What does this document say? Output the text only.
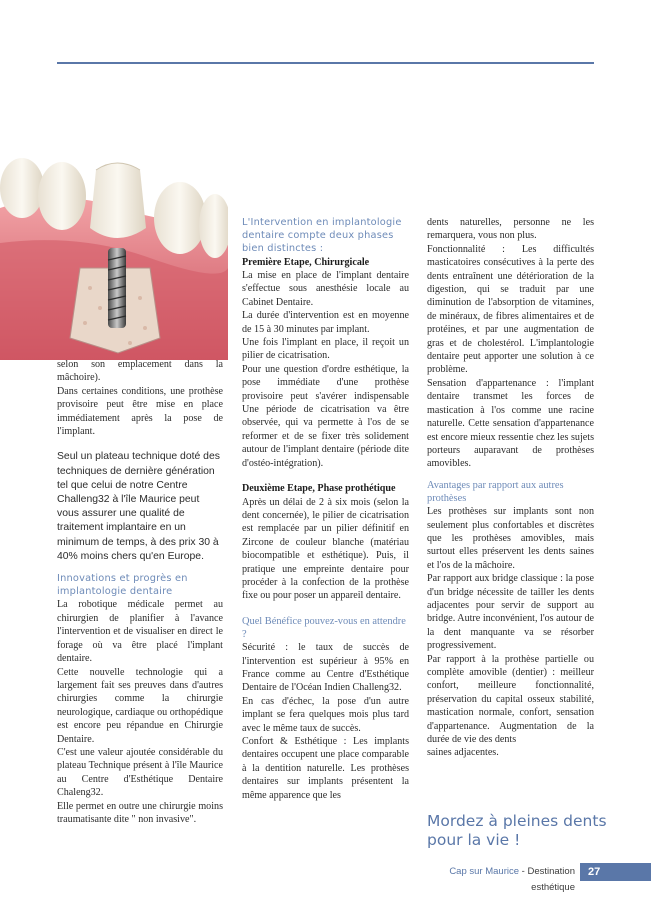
selon son emplacement dans la mâchoire).

Dans certaines conditions, une prothèse provisoire peut être mise en place immédiatement après la pose de l'implant.

Seul un plateau technique doté des techniques de dernière génération tel que celui de notre Centre Challeng32 à l'île Maurice peut vous assurer une qualité de traitement implantaire en un minimum de temps, à des prix 30 à 40% moins chers qu'en Europe.

Innovations et progrès en implantologie dentaire

La robotique médicale permet au chirurgien de planifier à l'avance l'intervention et de visualiser en direct le forage où va être placé l'implant dentaire.

Cette nouvelle technologie qui a largement fait ses preuves dans d'autres chirurgies comme la chirurgie neurologique, cardiaque ou orthopédique est encore peu répandue en Chirurgie Dentaire.

C'est une valeur ajoutée considérable du plateau Technique présent à l'île Maurice au Centre d'Esthétique Dentaire Chaleng32.

Elle permet en outre une chirurgie moins traumatisante dite " non invasive".

L'Intervention en implantologie dentaire compte deux phases bien distinctes :

Première Etape, Chirurgicale

La mise en place de l'implant dentaire s'effectue sous anesthésie locale au Cabinet Dentaire.

La durée d'intervention est en moyenne de 15 à 30 minutes par implant.

Une fois l'implant en place, il reçoit un pilier de cicatrisation.

Pour une question d'ordre esthétique, la pose immédiate d'une prothèse provisoire peut s'avérer indispensable Une période de cicatrisation va être observée, qui va permette à l'os de se reformer et de se fixer très solidement autour de l'implant dentaire (période dite d'ostéo-intégration).

Deuxième Etape, Phase prothétique

Après un délai de 2 à six mois (selon la dent concernée), le pilier de cicatrisation est remplacée par un pilier définitif en Zircone de couleur blanche (matériau biocompatible et esthétique). Puis, il pratique une empreinte dentaire pour procéder à la confection de la prothèse fixe ou pour poser un appareil dentaire.

Quel Bénéfice pouvez-vous en attendre ?

Sécurité : le taux de succès de l'intervention est supérieur à 95% en France comme au Centre d'Esthétique Dentaire de l'Océan Indien Challeng32.

En cas d'échec, la pose d'un autre implant se fera quelques mois plus tard avec le même taux de succès.

Confort & Esthétique : Les implants dentaires occupent une place comparable à la dentition naturelle. Les prothèses dentaires sur implants présentent la même apparence que les

dents naturelles, personne ne les remarquera, vous non plus.

Fonctionnalité : Les difficultés masticatoires consécutives à la perte des dents entraînent une détérioration de la digestion, qui se traduit par une diminution de l'absorption de vitamines, de minéraux, de fibres alimentaires et de protéines, et par une augmentation de gras et de cholestérol. L'implantologie dentaire peut apporter une solution à ce problème.

Sensation d'appartenance : l'implant dentaire transmet les forces de mastication à l'os comme une racine naturelle. Cette sensation d'appartenance est encore mieux ressentie chez les sujets porteurs auparavant de prothèses amovibles.

Avantages par rapport aux autres prothèses

Les prothèses sur implants sont non seulement plus confortables et discrètes que les prothèses amovibles, mais surtout elles préservent les dents saines et l'os de la mâchoire.

Par rapport aux bridge classique : la pose d'un bridge nécessite de tailler les dents adjacentes pour servir de support au bridge. Autre inconvénient, l'os autour de la dent manquante va se résorber progressivement.

Par rapport à la prothèse partielle ou complète amovible (dentier) : meilleur confort, meilleure fonctionnalité, préservation du capital osseux stabilité, mastication normale, confort, sensation d'appartenance. Augmentation de la durée de vie des dents

saines adjacentes.

Mordez à pleines dents pour la vie !
Cap sur Maurice - Destination esthétique
27
